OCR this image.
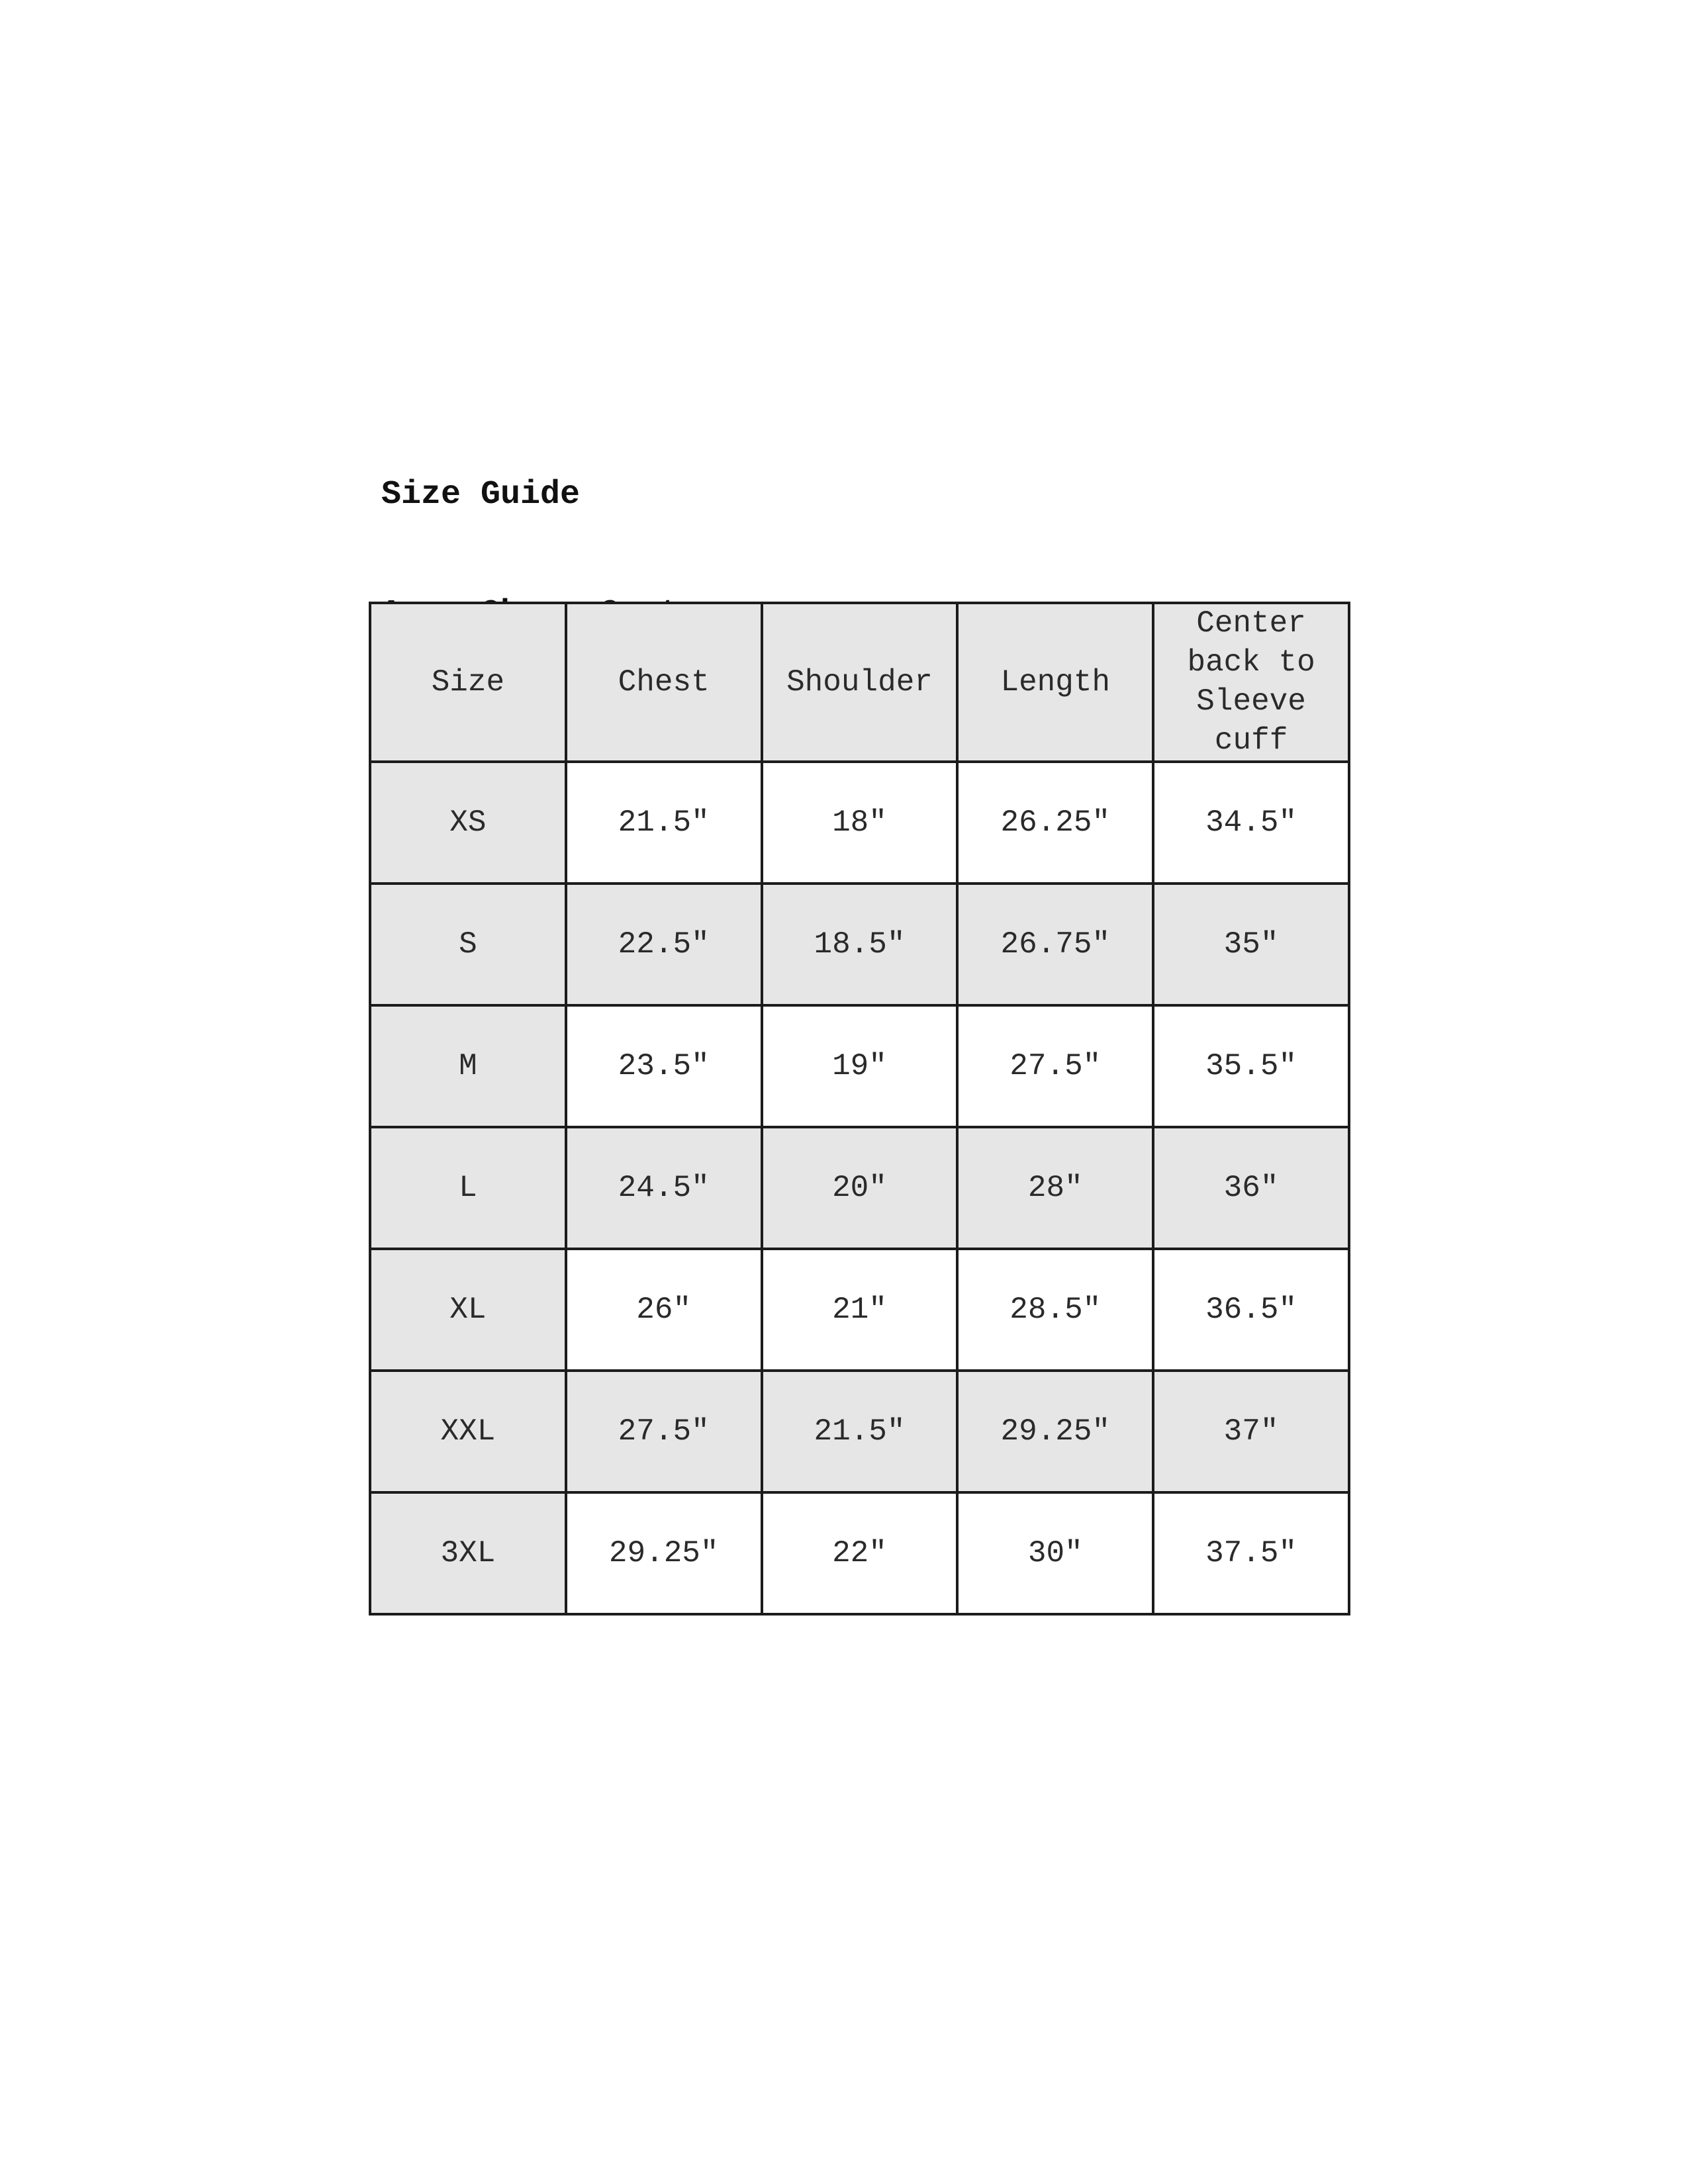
Size Guide

Size	Chest	Shoulder	Length	Center back to Sleeve cuff
XS	21.5″	18″	26.25″	34.5″
S	22.5″	18.5″	26.75″	35″
M	23.5″	19″	27.5″	35.5″
L	24.5″	20″	28″	36″
XL	26″	21″	28.5″	36.5″
XXL	27.5″	21.5″	29.25″	37″
3XL	29.25″	22″	30″	37.5″
